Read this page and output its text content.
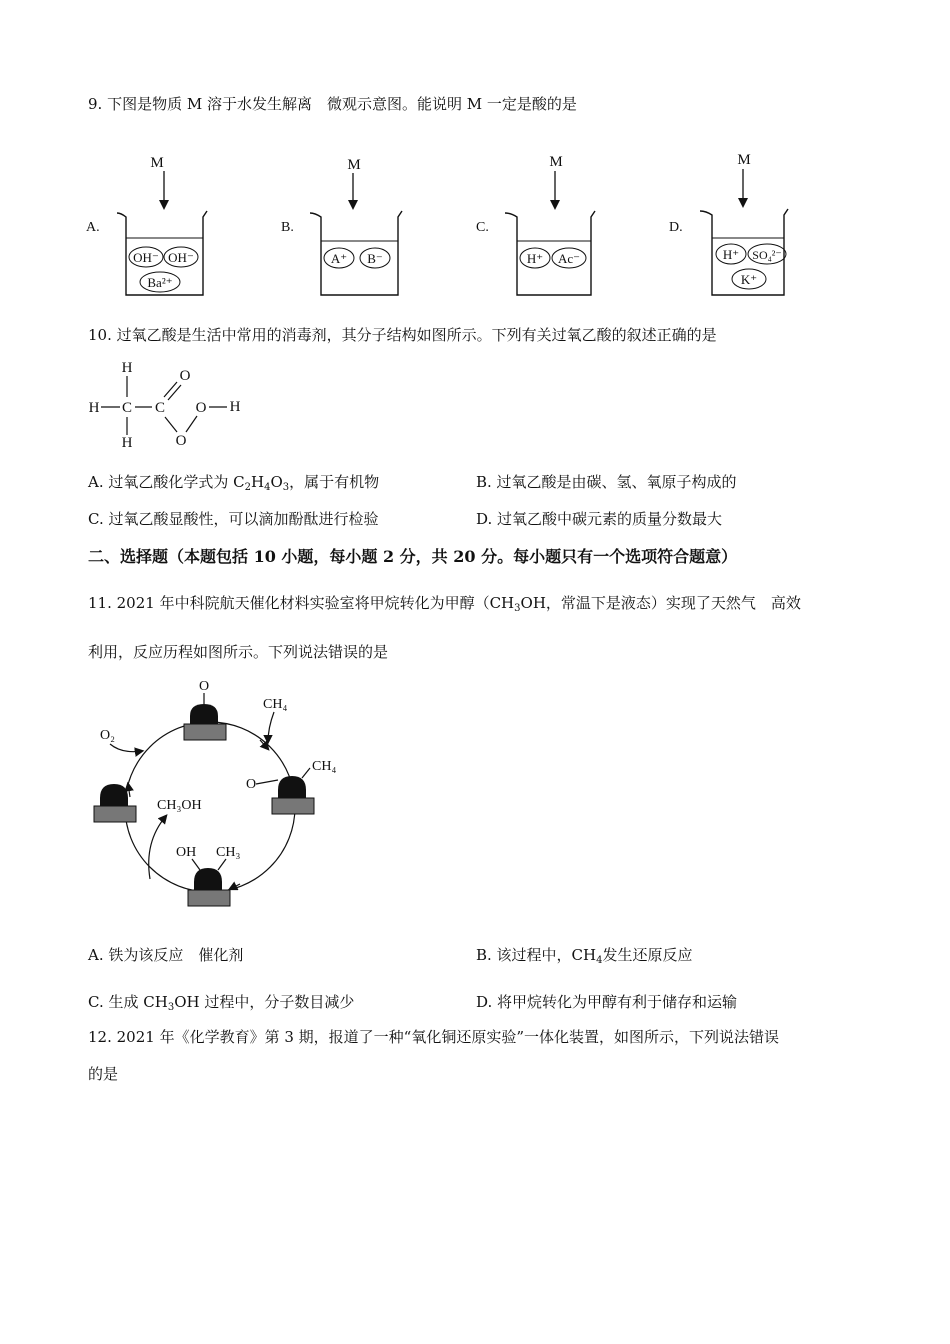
9. 下图是物质 M 溶于水发生解离　微观示意图。能说明 M 一定是酸的是
A.
M
OH⁻ OH⁻
Ba²⁺
B.
M
A⁺ B⁻
C.
M
H⁺ Ac⁻
D.
M
H⁺ SO₄²⁻
K⁺
10. 过氧乙酸是生活中常用的消毒剂，其分子结构如图所示。下列有关过氧乙酸的叙述正确的是
H
H C C
H
O
O
O H
A. 过氧乙酸化学式为 $C_2H_4O_3$，属于有机物	B. 过氧乙酸是由碳、氢、氧原子构成的
C. 过氧乙酸显酸性，可以滴加酚酞进行检验	D. 过氧乙酸中碳元素的质量分数最大
二、选择题（本题包括 10 小题，每小题 2 分，共 20 分。每小题只有一个选项符合题意）
11. 2021 年中科院航天催化材料实验室将甲烷转化为甲醇（$CH_3OH$，常温下是液态）实现了天然气　高效
利用，反应历程如图所示。下列说法错误的是
O
CH₄
O
CH₄
O₂
CH₃OH
OH CH₃
A. 铁为该反应　催化剂	B. 该过程中，$CH_4$发生还原反应
C. 生成 $CH_3OH$ 过程中，分子数目减少	D. 将甲烷转化为甲醇有利于储存和运输
12. 2021 年《化学教育》第 3 期，报道了一种“氧化铜还原实验”一体化装置，如图所示，下列说法错误
的是
